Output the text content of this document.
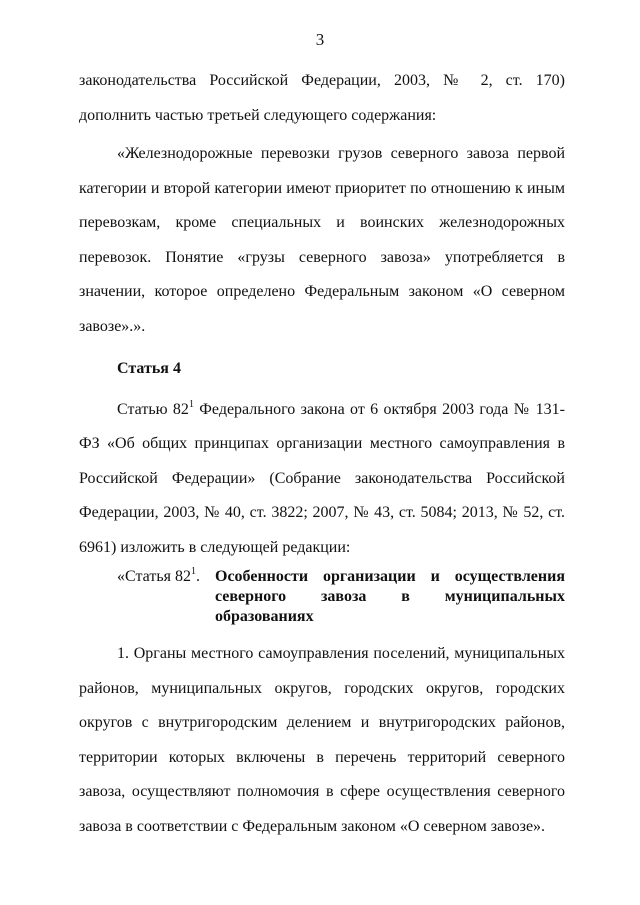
3

законодательства Российской Федерации, 2003, № 2, ст. 170) дополнить частью третьей следующего содержания:

«Железнодорожные перевозки грузов северного завоза первой категории и второй категории имеют приоритет по отношению к иным перевозкам, кроме специальных и воинских железнодорожных перевозок. Понятие «грузы северного завоза» употребляется в значении, которое определено Федеральным законом «О северном завозе».».

Статья 4

Статью $82^1$ Федерального закона от 6 октября 2003 года № 131-ФЗ «Об общих принципах организации местного самоуправления в Российской Федерации» (Собрание законодательства Российской Федерации, 2003, № 40, ст. 3822; 2007, № 43, ст. 5084; 2013, № 52, ст. 6961) изложить в следующей редакции:

«Статья $82^1$. Особенности организации и осуществления северного завоза в муниципальных образованиях

1. Органы местного самоуправления поселений, муниципальных районов, муниципальных округов, городских округов, городских округов с внутригородским делением и внутригородских районов, территории которых включены в перечень территорий северного завоза, осуществляют полномочия в сфере осуществления северного завоза в соответствии с Федеральным законом «О северном завозе».
